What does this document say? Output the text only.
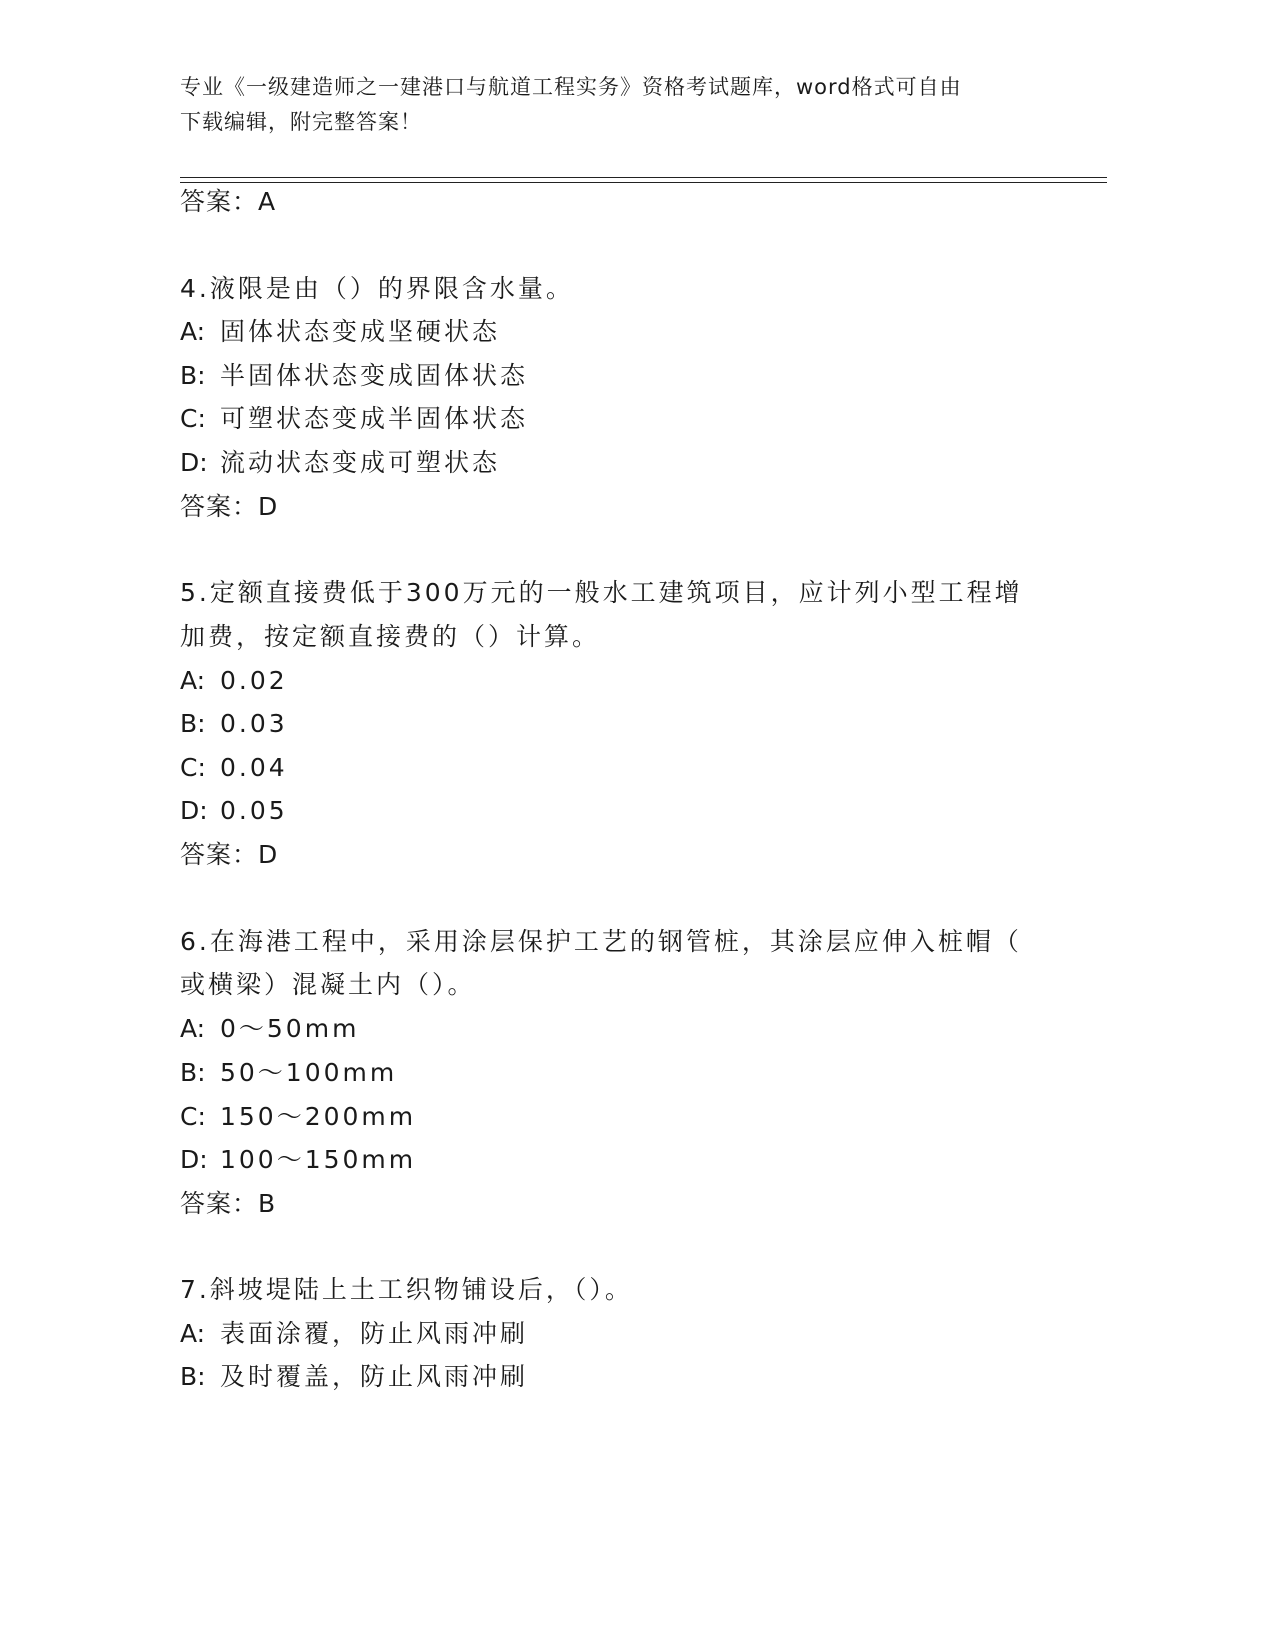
专业《一级建造师之一建港口与航道工程实务》资格考试题库，word格式可自由
下载编辑，附完整答案！
答案：A
4.液限是由（）的界限含水量。
A: 固体状态变成坚硬状态
B: 半固体状态变成固体状态
C: 可塑状态变成半固体状态
D: 流动状态变成可塑状态
答案：D
5.定额直接费低于300万元的一般水工建筑项目，应计列小型工程增
加费，按定额直接费的（）计算。
A: 0.02
B: 0.03
C: 0.04
D: 0.05
答案：D
6.在海港工程中，采用涂层保护工艺的钢管桩，其涂层应伸入桩帽（
或横梁）混凝土内（）。
A: 0～50mm
B: 50～100mm
C: 150～200mm
D: 100～150mm
答案：B
7.斜坡堤陆上土工织物铺设后，（）。
A: 表面涂覆，防止风雨冲刷
B: 及时覆盖，防止风雨冲刷
